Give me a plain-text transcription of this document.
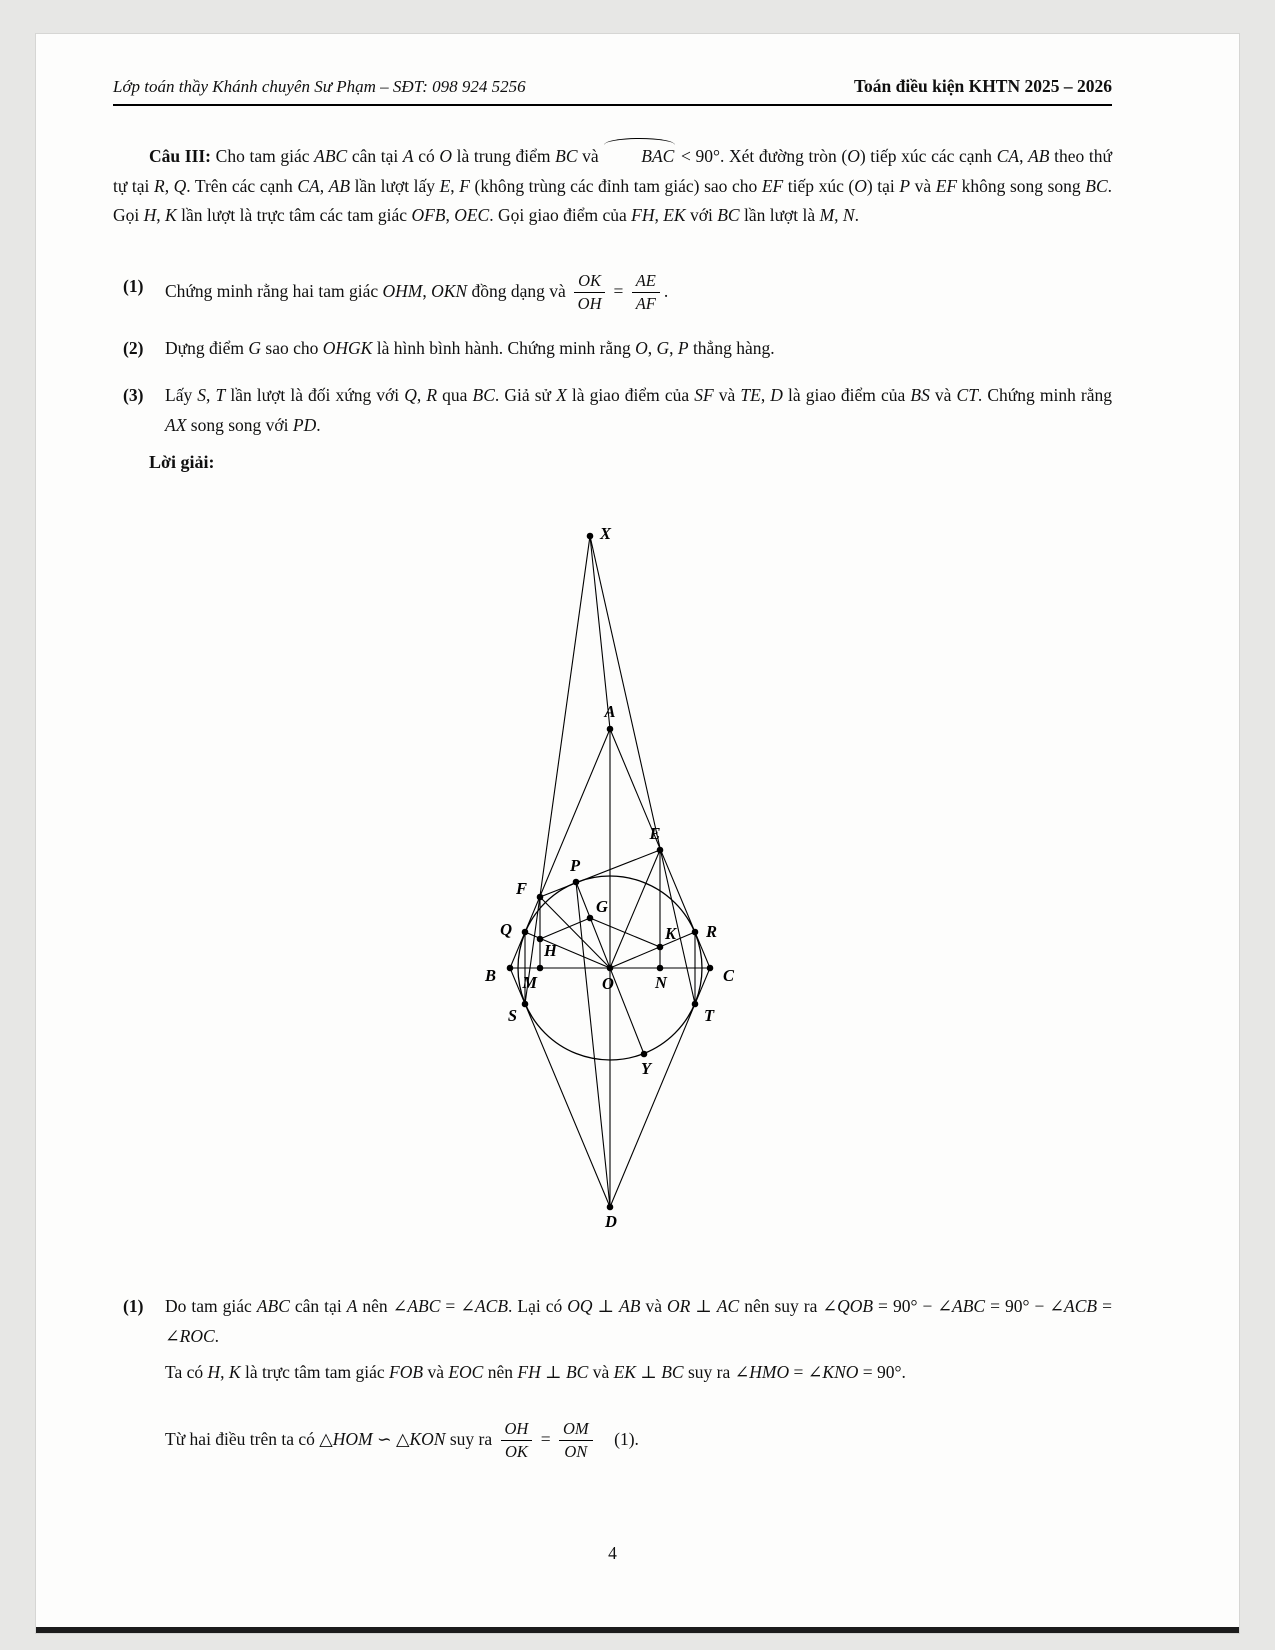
Lớp toán thầy Khánh chuyên Sư Phạm – SĐT: 098 924 5256	Toán điều kiện KHTN 2025 – 2026
Câu III: Cho tam giác ABC cân tại A có O là trung điểm BC và BAC < 90°. Xét đường tròn (O) tiếp xúc các cạnh CA, AB theo thứ tự tại R, Q. Trên các cạnh CA, AB lần lượt lấy E, F (không trùng các đỉnh tam giác) sao cho EF tiếp xúc (O) tại P và EF không song song BC. Gọi H, K lần lượt là trực tâm các tam giác OFB, OEC. Gọi giao điểm của FH, EK với BC lần lượt là M, N.
(1)	Chứng minh rằng hai tam giác OHM, OKN đồng dạng và $\frac{OK}{OH} = \frac{AE}{AF}$ .
(2)	Dựng điểm G sao cho OHGK là hình bình hành. Chứng minh rằng O, G, P thẳng hàng.
(3)	Lấy S, T lần lượt là đối xứng với Q, R qua BC. Giả sử X là giao điểm của SF và TE, D là giao điểm của BS và CT. Chứng minh rằng AX song song với PD.
Lời giải:
X
A
F
P
E
G
Q	K R
B
H
M	O N	C
S	T
Y
D
(1)	Do tam giác ABC cân tại A nên ∠ABC = ∠ACB. Lại có OQ ⊥ AB và OR ⊥ AC nên suy ra ∠QOB = 90° − ∠ABC = 90° − ∠ACB = ∠ROC.
Ta có H, K là trực tâm tam giác FOB và EOC nên FH ⊥ BC và EK ⊥ BC suy ra ∠HMO = ∠KNO = 90°.
Từ hai điều trên ta có △HOM ∽ △KON suy ra $\frac{OH}{OK} = \frac{OM}{ON}$  (1).
4
